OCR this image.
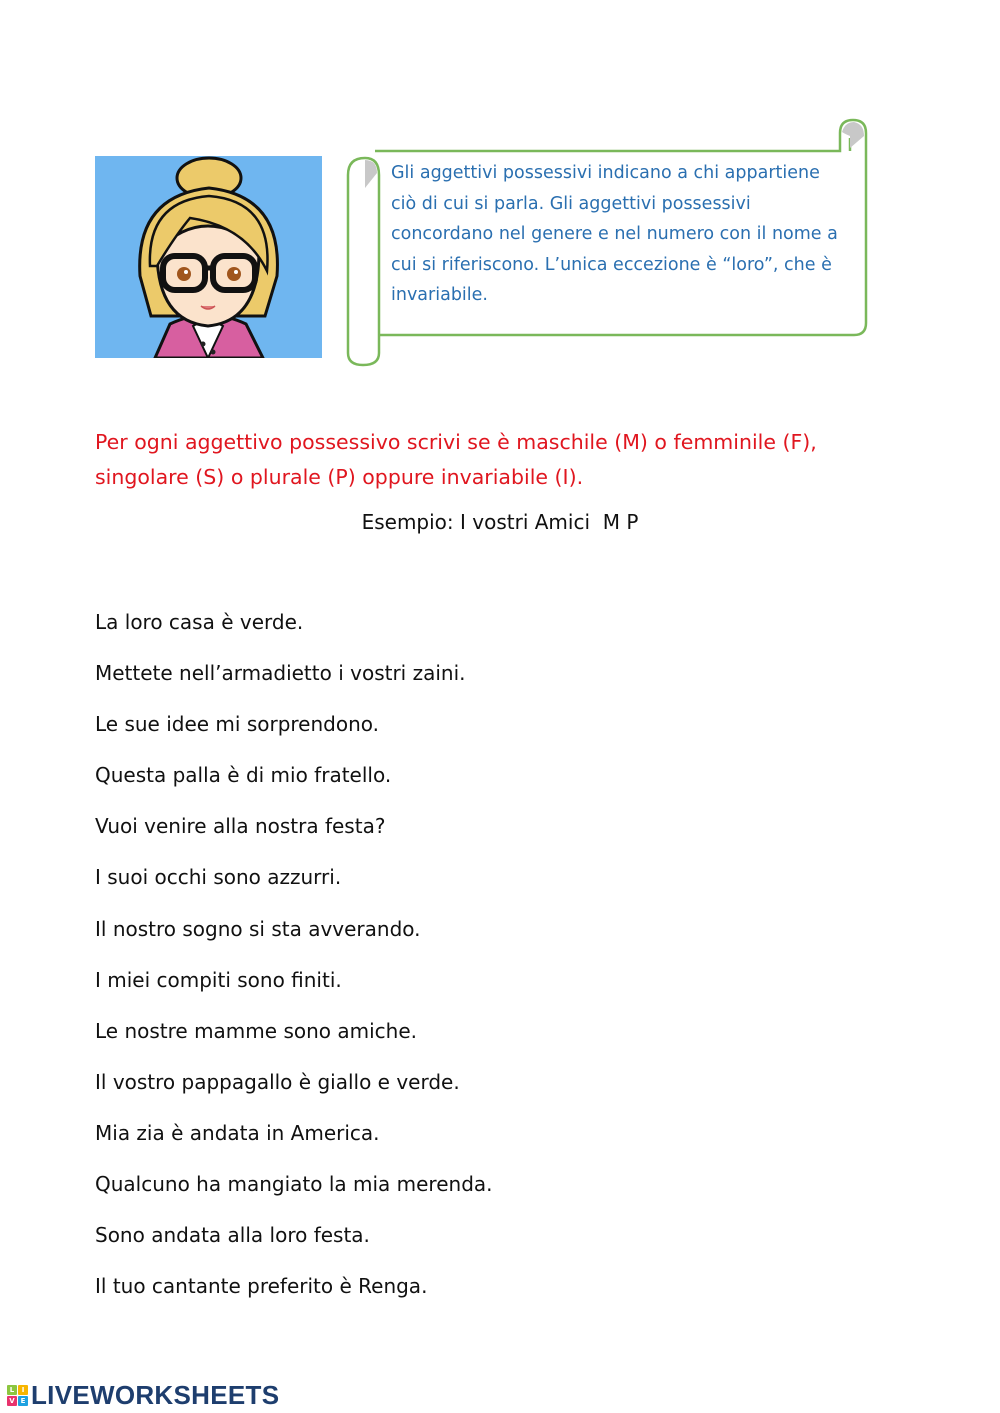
Gli aggettivi possessivi indicano a chi appartiene ciò di cui si parla. Gli aggettivi possessivi concordano nel genere e nel numero con il nome a cui si riferiscono. L’unica eccezione è “loro”, che è invariabile.
Per ogni aggettivo possessivo scrivi se è maschile (M) o femminile (F), singolare (S) o plurale (P) oppure invariabile (I).
Esempio: I vostri Amici M P
La loro casa è verde.
Mettete nell’armadietto i vostri zaini.
Le sue idee mi sorprendono.
Questa palla è di mio fratello.
Vuoi venire alla nostra festa?
I suoi occhi sono azzurri.
Il nostro sogno si sta avverando.
I miei compiti sono finiti.
Le nostre mamme sono amiche.
Il vostro pappagallo è giallo e verde.
Mia zia è andata in America.
Qualcuno ha mangiato la mia merenda.
Sono andata alla loro festa.
Il tuo cantante preferito è Renga.
L	I
V E LIVEWORKSHEETS
